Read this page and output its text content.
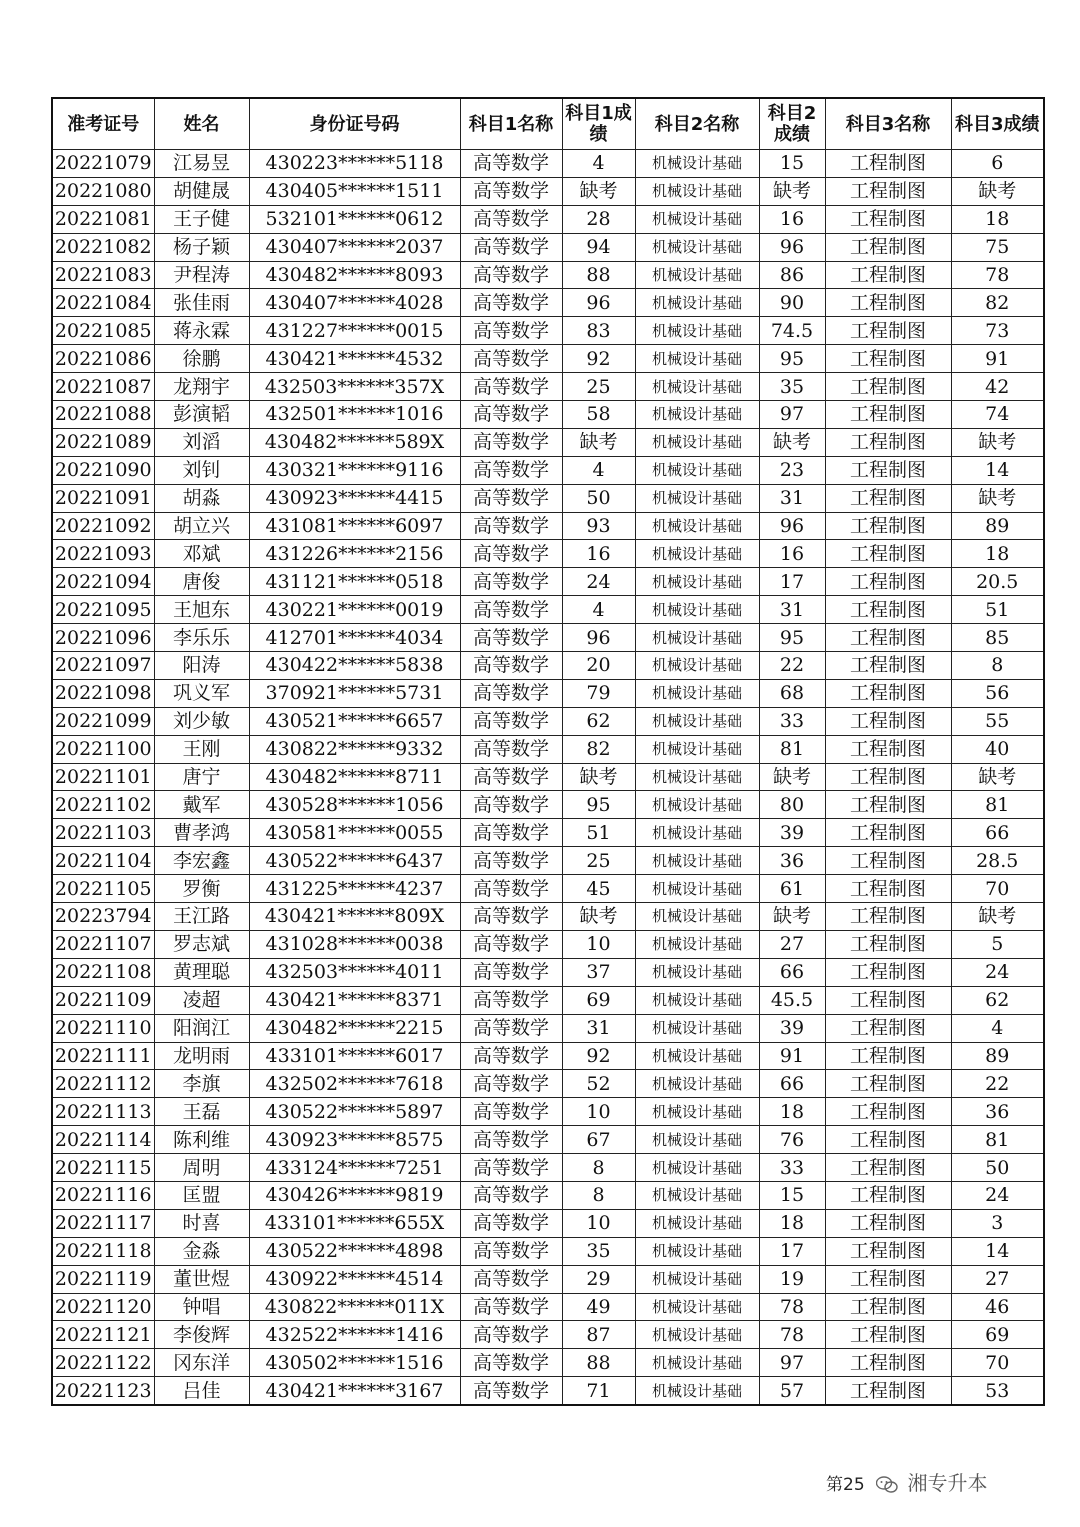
准考证号	姓名	身份证号码	科目1名称	科目1成绩	科目2名称	科目2成绩	科目3名称	科目3成绩
20221079	江易昱	430223******5118	高等数学	4	机械设计基础	15	工程制图	6
20221080	胡健晟	430405******1511	高等数学	缺考	机械设计基础	缺考	工程制图	缺考
20221081	王子健	532101******0612	高等数学	28	机械设计基础	16	工程制图	18
20221082	杨子颖	430407******2037	高等数学	94	机械设计基础	96	工程制图	75
20221083	尹程涛	430482******8093	高等数学	88	机械设计基础	86	工程制图	78
20221084	张佳雨	430407******4028	高等数学	96	机械设计基础	90	工程制图	82
20221085	蒋永霖	431227******0015	高等数学	83	机械设计基础	74.5	工程制图	73
20221086	徐鹏	430421******4532	高等数学	92	机械设计基础	95	工程制图	91
20221087	龙翔宇	432503******357X	高等数学	25	机械设计基础	35	工程制图	42
20221088	彭演韬	432501******1016	高等数学	58	机械设计基础	97	工程制图	74
20221089	刘滔	430482******589X	高等数学	缺考	机械设计基础	缺考	工程制图	缺考
20221090	刘钊	430321******9116	高等数学	4	机械设计基础	23	工程制图	14
20221091	胡淼	430923******4415	高等数学	50	机械设计基础	31	工程制图	缺考
20221092	胡立兴	431081******6097	高等数学	93	机械设计基础	96	工程制图	89
20221093	邓斌	431226******2156	高等数学	16	机械设计基础	16	工程制图	18
20221094	唐俊	431121******0518	高等数学	24	机械设计基础	17	工程制图	20.5
20221095	王旭东	430221******0019	高等数学	4	机械设计基础	31	工程制图	51
20221096	李乐乐	412701******4034	高等数学	96	机械设计基础	95	工程制图	85
20221097	阳涛	430422******5838	高等数学	20	机械设计基础	22	工程制图	8
20221098	巩义军	370921******5731	高等数学	79	机械设计基础	68	工程制图	56
20221099	刘少敏	430521******6657	高等数学	62	机械设计基础	33	工程制图	55
20221100	王刚	430822******9332	高等数学	82	机械设计基础	81	工程制图	40
20221101	唐宁	430482******8711	高等数学	缺考	机械设计基础	缺考	工程制图	缺考
20221102	戴军	430528******1056	高等数学	95	机械设计基础	80	工程制图	81
20221103	曹孝鸿	430581******0055	高等数学	51	机械设计基础	39	工程制图	66
20221104	李宏鑫	430522******6437	高等数学	25	机械设计基础	36	工程制图	28.5
20221105	罗衡	431225******4237	高等数学	45	机械设计基础	61	工程制图	70
20223794	王江路	430421******809X	高等数学	缺考	机械设计基础	缺考	工程制图	缺考
20221107	罗志斌	431028******0038	高等数学	10	机械设计基础	27	工程制图	5
20221108	黄理聪	432503******4011	高等数学	37	机械设计基础	66	工程制图	24
20221109	凌超	430421******8371	高等数学	69	机械设计基础	45.5	工程制图	62
20221110	阳润江	430482******2215	高等数学	31	机械设计基础	39	工程制图	4
20221111	龙明雨	433101******6017	高等数学	92	机械设计基础	91	工程制图	89
20221112	李旗	432502******7618	高等数学	52	机械设计基础	66	工程制图	22
20221113	王磊	430522******5897	高等数学	10	机械设计基础	18	工程制图	36
20221114	陈利维	430923******8575	高等数学	67	机械设计基础	76	工程制图	81
20221115	周明	433124******7251	高等数学	8	机械设计基础	33	工程制图	50
20221116	匡盟	430426******9819	高等数学	8	机械设计基础	15	工程制图	24
20221117	时喜	433101******655X	高等数学	10	机械设计基础	18	工程制图	3
20221118	金淼	430522******4898	高等数学	35	机械设计基础	17	工程制图	14
20221119	董世煜	430922******4514	高等数学	29	机械设计基础	19	工程制图	27
20221120	钟唱	430822******011X	高等数学	49	机械设计基础	78	工程制图	46
20221121	李俊辉	432522******1416	高等数学	87	机械设计基础	78	工程制图	69
20221122	冈东洋	430502******1516	高等数学	88	机械设计基础	97	工程制图	70
20221123	吕佳	430421******3167	高等数学	71	机械设计基础	57	工程制图	53
第25 湘专升本
